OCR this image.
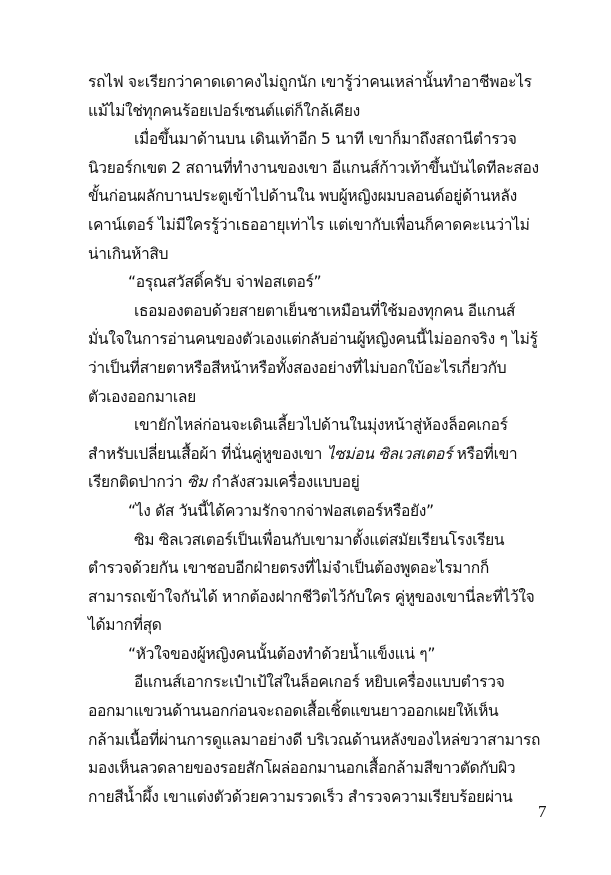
รถไฟ จะเรียกว่าคาดเดาคงไม่ถูกนัก เขารู้ว่าคนเหล่านั้นทำอาชีพอะไร
แม้ไม่ใช่ทุกคนร้อยเปอร์เซนต์แต่ก็ใกล้เคียง
เมื่อขึ้นมาด้านบน เดินเท้าอีก 5 นาที เขาก็มาถึงสถานีตำรวจ
นิวยอร์กเขต 2 สถานที่ทำงานของเขา อีแกนส์ก้าวเท้าขึ้นบันไดทีละสอง
ขั้นก่อนผลักบานประตูเข้าไปด้านใน พบผู้หญิงผมบลอนด์อยู่ด้านหลัง
เคาน์เตอร์ ไม่มีใครรู้ว่าเธออายุเท่าไร แต่เขากับเพื่อนก็คาดคะเนว่าไม่
น่าเกินห้าสิบ
“อรุณสวัสดิ์ครับ จ่าฟอสเตอร์”
เธอมองตอบด้วยสายตาเย็นชาเหมือนที่ใช้มองทุกคน อีแกนส์
มั่นใจในการอ่านคนของตัวเองแต่กลับอ่านผู้หญิงคนนี้ไม่ออกจริง ๆ ไม่รู้
ว่าเป็นที่สายตาหรือสีหน้าหรือทั้งสองอย่างที่ไม่บอกใบ้อะไรเกี่ยวกับ
ตัวเองออกมาเลย
เขายักไหล่ก่อนจะเดินเลี้ยวไปด้านในมุ่งหน้าสู่ห้องล็อคเกอร์
สำหรับเปลี่ยนเสื้อผ้า ที่นั่นคู่หูของเขา ไซม่อน ซิลเวสเตอร์ หรือที่เขา
เรียกติดปากว่า ซิม กำลังสวมเครื่องแบบอยู่
“ไง ดัส วันนี้ได้ความรักจากจ่าฟอสเตอร์หรือยัง”
ซิม ซิลเวสเตอร์เป็นเพื่อนกับเขามาตั้งแต่สมัยเรียนโรงเรียน
ตำรวจด้วยกัน เขาชอบอีกฝ่ายตรงที่ไม่จำเป็นต้องพูดอะไรมากก็
สามารถเข้าใจกันได้ หากต้องฝากชีวิตไว้กับใคร คู่หูของเขานี่ละที่ไว้ใจ
ได้มากที่สุด
“หัวใจของผู้หญิงคนนั้นต้องทำด้วยน้ำแข็งแน่ ๆ”
อีแกนส์เอากระเป๋าเป้ใส่ในล็อคเกอร์ หยิบเครื่องแบบตำรวจ
ออกมาแขวนด้านนอกก่อนจะถอดเสื้อเชิ้ตแขนยาวออกเผยให้เห็น
กล้ามเนื้อที่ผ่านการดูแลมาอย่างดี บริเวณด้านหลังของไหล่ขวาสามารถ
มองเห็นลวดลายของรอยสักโผล่ออกมานอกเสื้อกล้ามสีขาวตัดกับผิว
กายสีน้ำผึ้ง เขาแต่งตัวด้วยความรวดเร็ว สำรวจความเรียบร้อยผ่าน
7
